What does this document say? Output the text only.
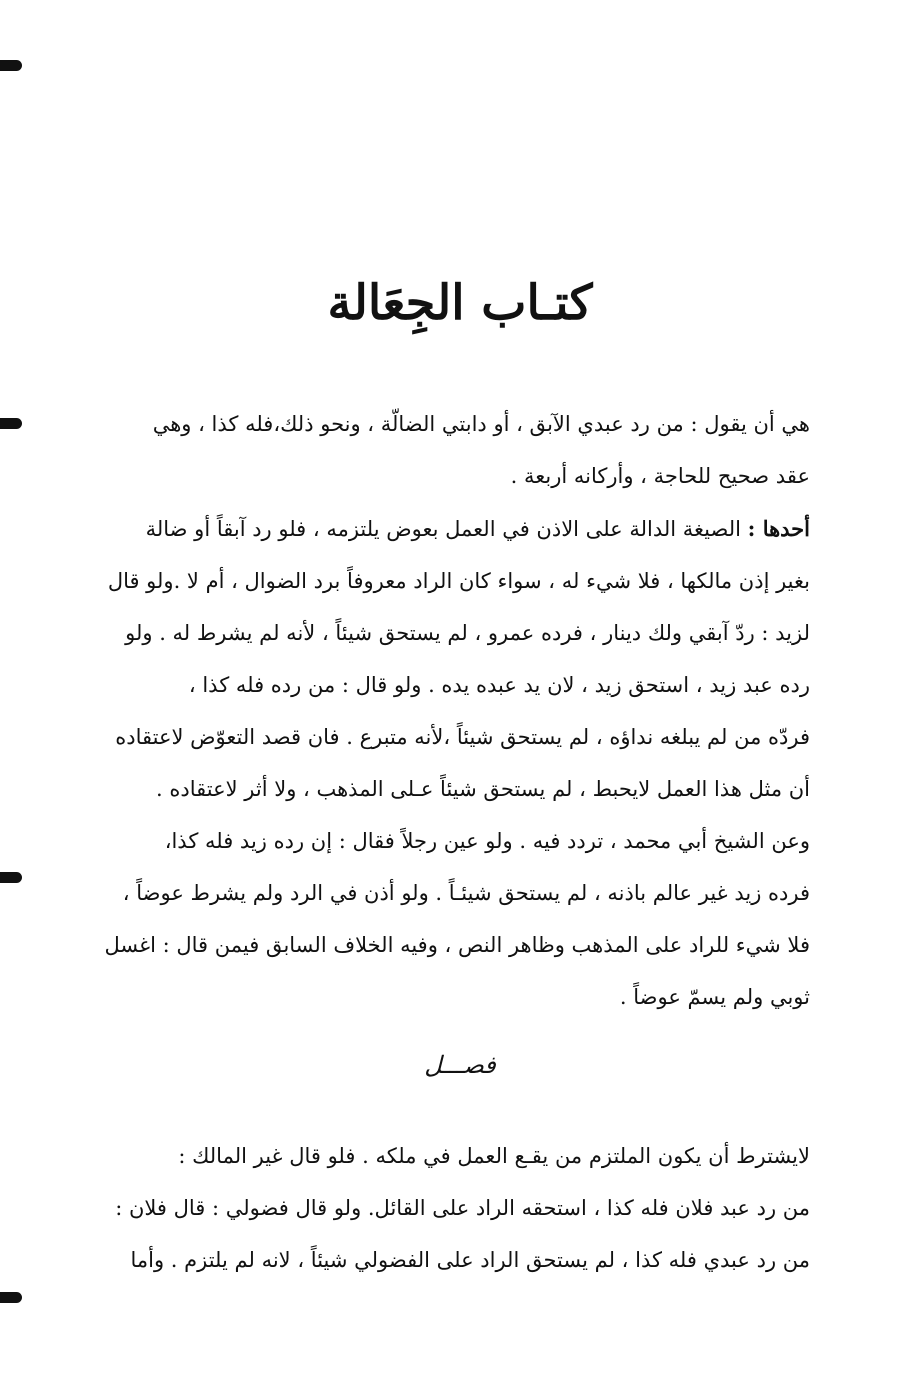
كتـاب الجِعَالة
هي أن يقول : من رد عبدي الآبق ، أو دابتي الضالّة ، ونحو ذلك،فله كذا ، وهي
عقد صحيح للحاجة ، وأركانه أربعة .
أحدها : الصيغة الدالة على الاذن في العمل بعوض يلتزمه ، فلو رد آبقاً أو ضالة
بغير إذن مالكها ، فلا شيء له ، سواء كان الراد معروفاً برد الضوال ، أم لا .ولو قال
لزيد : ردّ آبقي ولك دينار ، فرده عمرو ، لم يستحق شيئاً ، لأنه لم يشرط له . ولو
رده عبد زيد ، استحق زيد ، لان يد عبده يده . ولو قال : من رده فله كذا ،
فردّه من لم يبلغه نداؤه ، لم يستحق شيئاً ،لأنه متبرع . فان قصد التعوّض لاعتقاده
أن مثل هذا العمل لايحبط ، لم يستحق شيئاً عـلى المذهب ، ولا أثر لاعتقاده .
وعن الشيخ أبي محمد ، تردد فيه . ولو عين رجلاً فقال : إن رده زيد فله كذا،
فرده زيد غير عالم باذنه ، لم يستحق شيئـاً . ولو أذن في الرد ولم يشرط عوضاً ،
فلا شيء للراد على المذهب وظاهر النص ، وفيه الخلاف السابق فيمن قال : اغسل
ثوبي ولم يسمّ عوضاً .
فصـــل
لايشترط أن يكون الملتزم من يقـع العمل في ملكه . فلو قال غير المالك :
من رد عبد فلان فله كذا ، استحقه الراد على القائل. ولو قال فضولي : قال فلان :
من رد عبدي فله كذا ، لم يستحق الراد على الفضولي شيئاً ، لانه لم يلتزم . وأما
